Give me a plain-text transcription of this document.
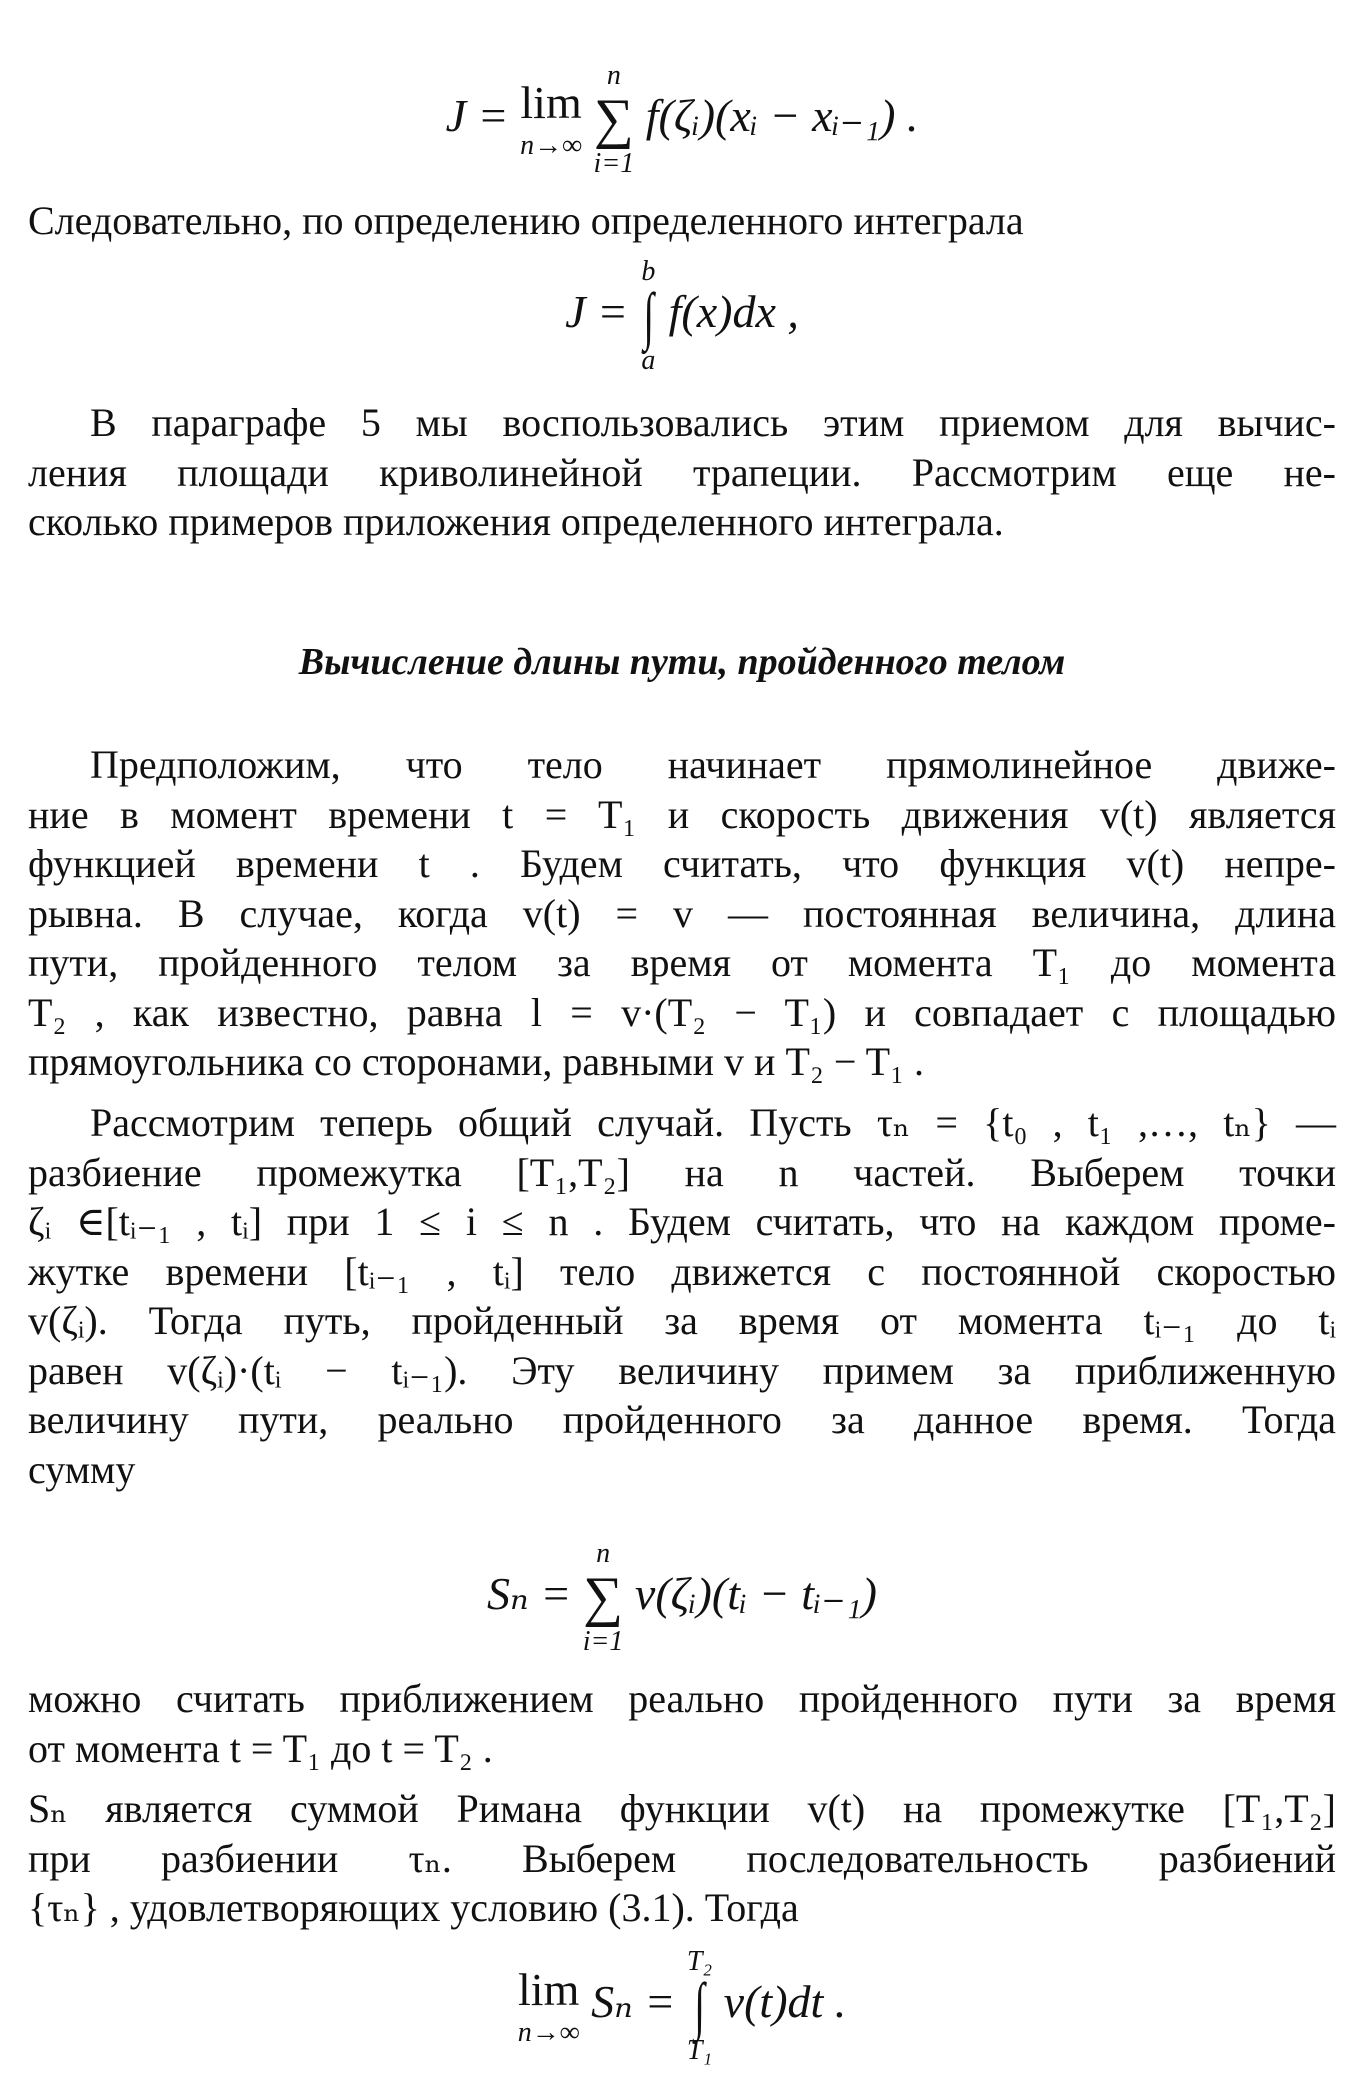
J = lim
n→∞

n
∑
i=1
f(ζᵢ)(xᵢ − xᵢ₋₁) .
Следовательно, по определению определенного интеграла
J =
b
∫
a
f(x)dx ,
В параграфе 5 мы воспользовались этим приемом для вычис-
ления площади криволинейной трапеции. Рассмотрим еще не-
сколько примеров приложения определенного интеграла.
Вычисление длины пути, пройденного телом
Предположим, что тело начинает прямолинейное движе-
ние в момент времени t = T₁ и скорость движения v(t) является
функцией времени t . Будем считать, что функция v(t) непре-
рывна. В случае, когда v(t) = v — постоянная величина, длина
пути, пройденного телом за время от момента T₁ до момента
T₂ , как известно, равна l = v·(T₂ − T₁) и совпадает с площадью
прямоугольника со сторонами, равными v и T₂ − T₁ .
Рассмотрим теперь общий случай. Пусть τₙ = {t₀ , t₁ ,…, tₙ} —
разбиение промежутка [T₁,T₂] на n частей. Выберем точки
ζᵢ ∈[tᵢ₋₁ , tᵢ] при 1 ≤ i ≤ n . Будем считать, что на каждом проме-
жутке времени [tᵢ₋₁ , tᵢ] тело движется с постоянной скоростью
v(ζᵢ). Тогда путь, пройденный за время от момента tᵢ₋₁ до tᵢ
равен v(ζᵢ)·(tᵢ − tᵢ₋₁). Эту величину примем за приближенную
величину пути, реально пройденного за данное время. Тогда
сумму
Sₙ =
n
∑
i=1
v(ζᵢ)(tᵢ − tᵢ₋₁)
можно считать приближением реально пройденного пути за время
от момента t = T₁ до t = T₂ .
Sₙ является суммой Римана функции v(t) на промежутке [T₁,T₂]
при разбиении τₙ. Выберем последовательность разбиений
{τₙ} , удовлетворяющих условию (3.1). Тогда
lim
n→∞
Sₙ =
T₂
∫
T₁
v(t)dt .
